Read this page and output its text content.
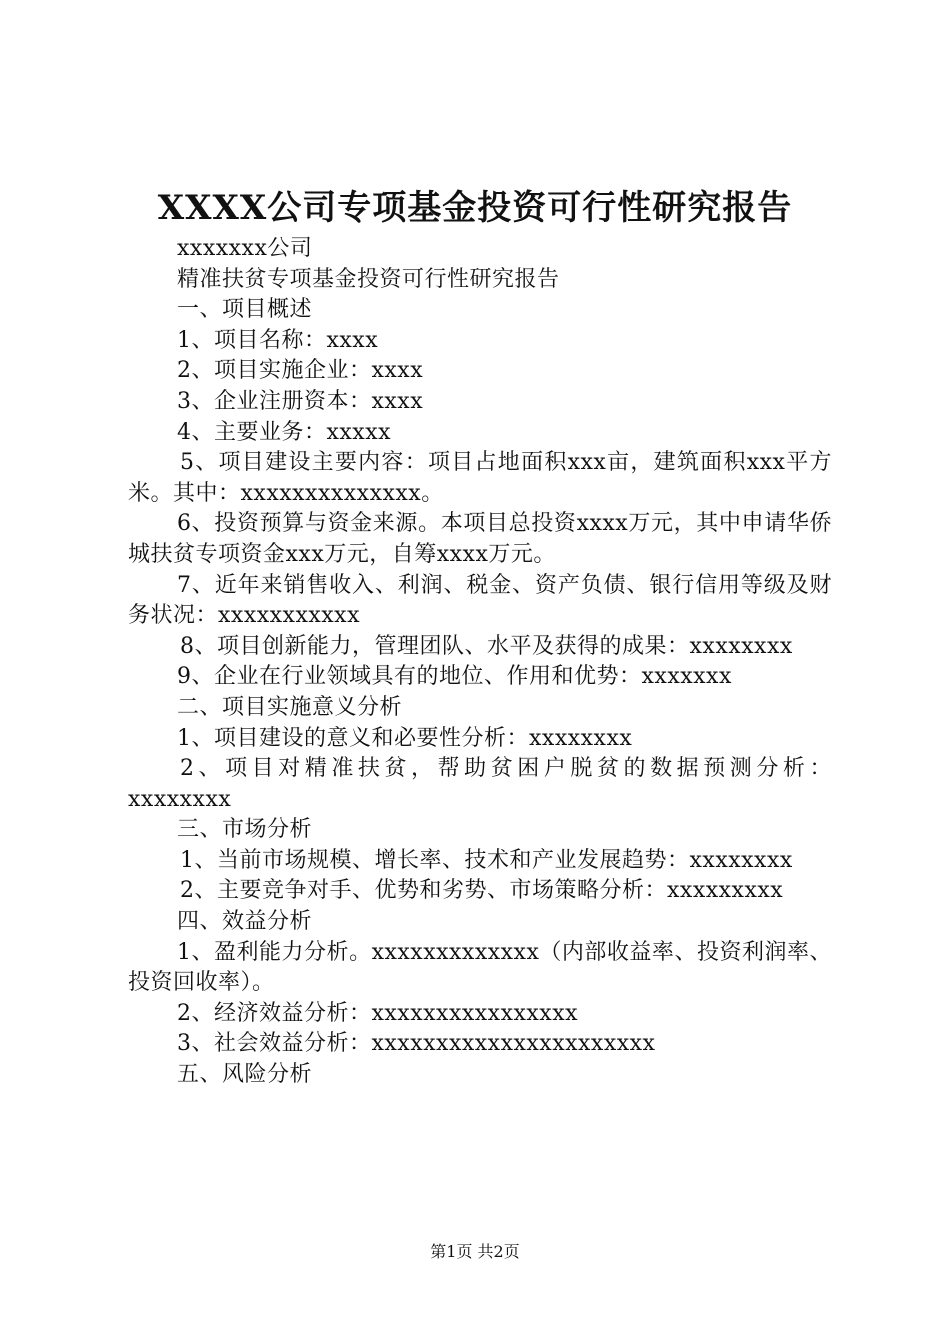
XXXX公司专项基金投资可行性研究报告

xxxxxxx公司

精准扶贫专项基金投资可行性研究报告

一、项目概述

1、项目名称：xxxx

2、项目实施企业：xxxx

3、企业注册资本：xxxx

4、主要业务：xxxxx

5、项目建设主要内容：项目占地面积xxx亩，建筑面积xxx平方米。其中：xxxxxxxxxxxxxx。

6、投资预算与资金来源。本项目总投资xxxx万元，其中申请华侨城扶贫专项资金xxx万元，自筹xxxx万元。

7、近年来销售收入、利润、税金、资产负债、银行信用等级及财务状况：xxxxxxxxxxx

8、项目创新能力，管理团队、水平及获得的成果：xxxxxxxx

9、企业在行业领域具有的地位、作用和优势：xxxxxxx

二、项目实施意义分析

1、项目建设的意义和必要性分析：xxxxxxxx

2、项目对精准扶贫，帮助贫困户脱贫的数据预测分析：xxxxxxxx

三、市场分析

1、当前市场规模、增长率、技术和产业发展趋势：xxxxxxxx

2、主要竞争对手、优势和劣势、市场策略分析：xxxxxxxxx

四、效益分析

1、盈利能力分析。xxxxxxxxxxxxx（内部收益率、投资利润率、投资回收率）。

2、经济效益分析：xxxxxxxxxxxxxxxx

3、社会效益分析：xxxxxxxxxxxxxxxxxxxxxx

五、风险分析

第1页 共2页
